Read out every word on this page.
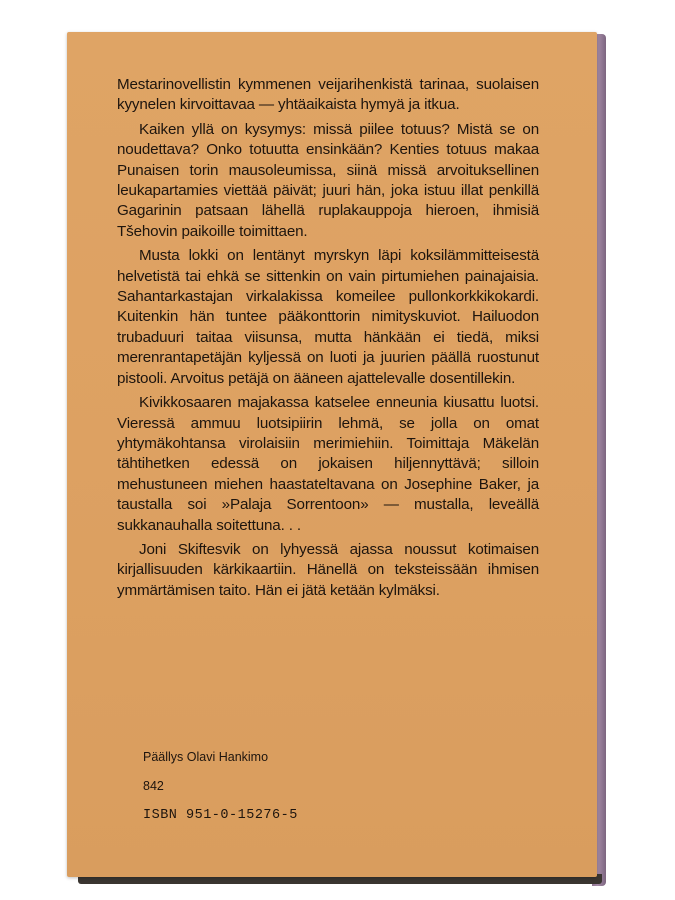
Mestarinovellistin kymmenen veijarihenkistä tarinaa, suolaisen kyynelen kirvoittavaa — yhtäaikaista hymyä ja itkua.

Kaiken yllä on kysymys: missä piilee totuus? Mistä se on noudettava? Onko totuutta ensinkään? Kenties totuus makaa Punaisen torin mausoleumissa, siinä missä arvoituksellinen leukapartamies viettää päivät; juuri hän, joka istuu illat penkillä Gagarinin patsaan lähellä ruplakauppoja hieroen, ihmisiä Tšehovin paikoille toimittaen.

Musta lokki on lentänyt myrskyn läpi koksilämmitteisestä helvetistä tai ehkä se sittenkin on vain pirtumiehen painajaisia. Sahantarkastajan virkalakissa komeilee pullonkorkkikokardi. Kuitenkin hän tuntee pääkonttorin nimityskuviot. Hailuodon trubaduuri taitaa viisunsa, mutta hänkään ei tiedä, miksi merenrantapetäjän kyljessä on luoti ja juurien päällä ruostunut pistooli. Arvoitus petäjä on ääneen ajattelevalle dosentillekin.

Kivikkosaaren majakassa katselee enneunia kiusattu luotsi. Vieressä ammuu luotsipiirin lehmä, se jolla on omat yhtymäkohtansa virolaisiin merimiehiin. Toimittaja Mäkelän tähtihetken edessä on jokaisen hiljennyttävä; silloin mehustuneen miehen haastateltavana on Josephine Baker, ja taustalla soi »Palaja Sorrentoon» — mustalla, leveällä sukkanauhalla soitettuna. . .

Joni Skiftesvik on lyhyessä ajassa noussut kotimaisen kirjallisuuden kärkikaartiin. Hänellä on teksteissään ihmisen ymmärtämisen taito. Hän ei jätä ketään kylmäksi.

Päällys Olavi Hankimo
842
ISBN 951-0-15276-5
